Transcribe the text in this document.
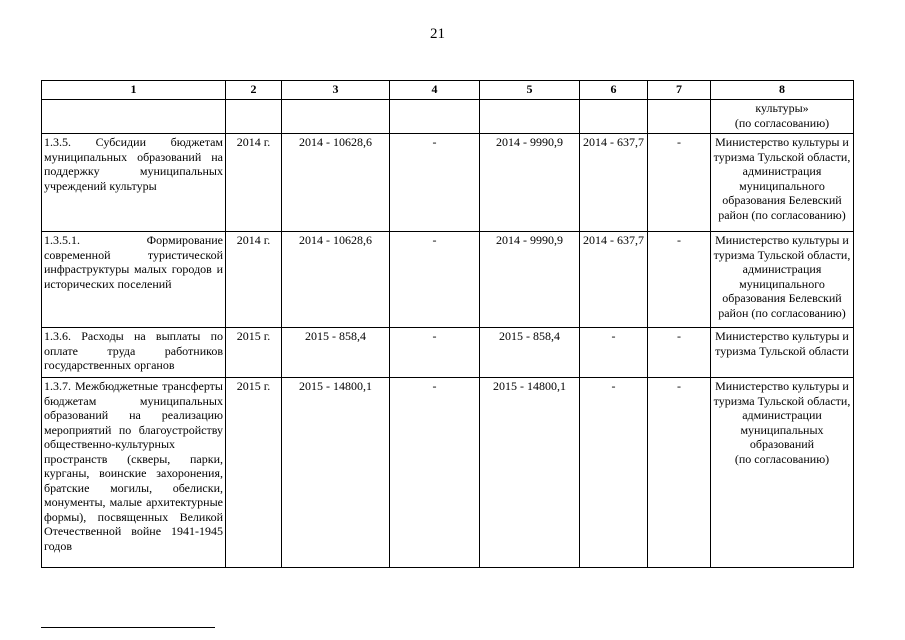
21
1	2	3	4	5	6	7	8
							культуры»
(по согласованию)
1.3.5. Субсидии бюджетам муниципальных образований на поддержку муниципальных учреждений культуры	2014 г.	2014 - 10628,6	-	2014 - 9990,9	2014 - 637,7	-	Министерство культуры и туризма Тульской области, администрация муниципального образования Белевский район (по согласованию)
1.3.5.1. Формирование современной туристической инфраструктуры малых городов и исторических поселений	2014 г.	2014 - 10628,6	-	2014 - 9990,9	2014 - 637,7	-	Министерство культуры и туризма Тульской области, администрация муниципального образования Белевский район (по согласованию)
1.3.6. Расходы на выплаты по оплате труда работников государственных органов	2015 г.	2015 - 858,4	-	2015 - 858,4	-	-	Министерство культуры и туризма Тульской области
1.3.7. Межбюджетные трансферты бюджетам муниципальных образований на реализацию мероприятий по благоустройству общественно-культурных пространств (скверы, парки, курганы, воинские захоронения, братские могилы, обелиски, монументы, малые архитектурные формы), посвященных Великой Отечественной войне 1941-1945 годов	2015 г.	2015 - 14800,1	-	2015 - 14800,1	-	-	Министерство культуры и туризма Тульской области, администрации муниципальных образований
(по согласованию)
